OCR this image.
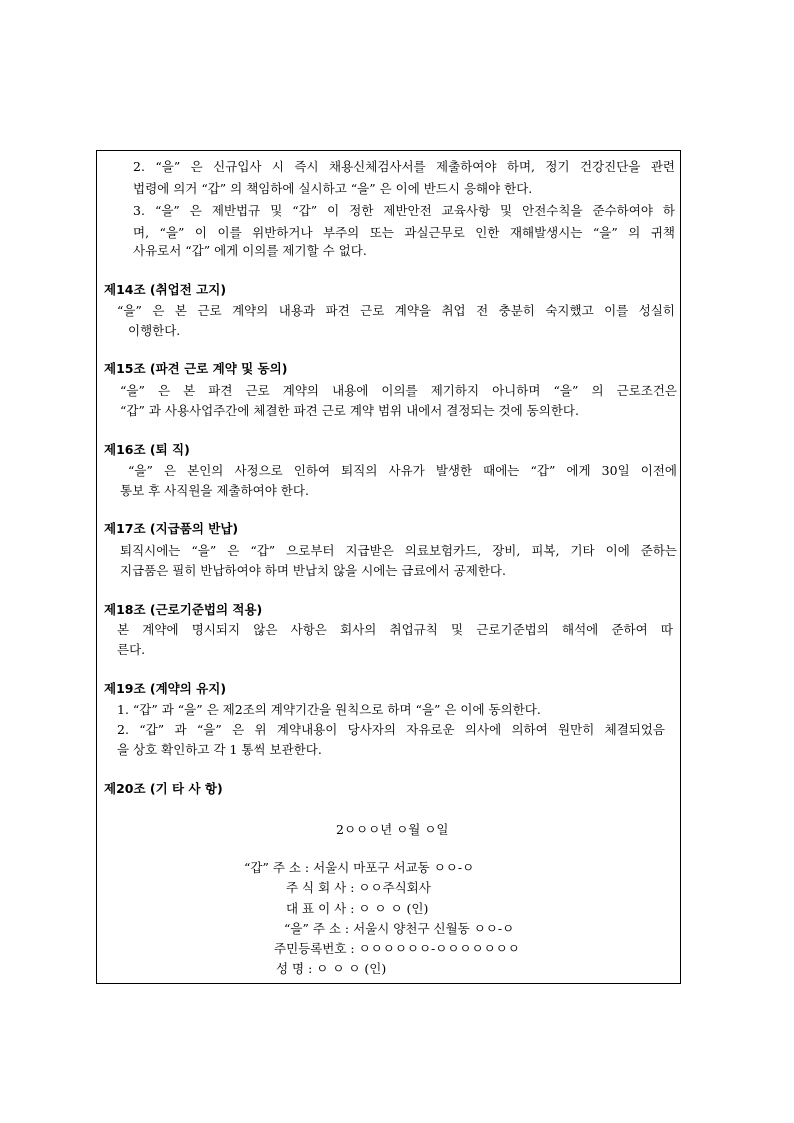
2. “을” 은 신규입사 시 즉시 채용신체검사서를 제출하여야 하며, 정기 건강진단을 관련
법령에 의거 “갑” 의 책임하에 실시하고 “을” 은 이에 반드시 응해야 한다.
3. “을” 은 제반법규 및 “갑” 이 정한 제반안전 교육사항 및 안전수칙을 준수하여야 하
며, “을” 이 이를 위반하거나 부주의 또는 과실근무로 인한 재해발생시는 “을” 의 귀책
사유로서 “갑” 에게 이의를 제기할 수 없다.
제14조 (취업전 고지)
“을” 은 본 근로 계약의 내용과 파견 근로 계약을 취업 전 충분히 숙지했고 이를 성실히
이행한다.
제15조 (파견 근로 계약 및 동의)
“을” 은 본 파견 근로 계약의 내용에 이의를 제기하지 아니하며 “을” 의 근로조건은
“갑” 과 사용사업주간에 체결한 파견 근로 계약 범위 내에서 결정되는 것에 동의한다.
제16조 (퇴 직)
“을” 은 본인의 사정으로 인하여 퇴직의 사유가 발생한 때에는 “갑” 에게 30일 이전에
통보 후 사직원을 제출하여야 한다.
제17조 (지급품의 반납)
퇴직시에는 “을” 은 “갑” 으로부터 지급받은 의료보험카드, 장비, 피복, 기타 이에 준하는
지급품은 필히 반납하여야 하며 반납치 않을 시에는 급료에서 공제한다.
제18조 (근로기준법의 적용)
본 계약에 명시되지 않은 사항은 회사의 취업규칙 및 근로기준법의 해석에 준하여 따
른다.
제19조 (계약의 유지)
1. “갑” 과 “을” 은 제2조의 계약기간을 원칙으로 하며 “을” 은 이에 동의한다.
2. “갑” 과 “을” 은 위 계약내용이 당사자의 자유로운 의사에 의하여 원만히 체결되었음
을 상호 확인하고 각 1 통씩 보관한다.
제20조 (기 타 사 항)
2ㅇㅇㅇ년 ㅇ월 ㅇ일
“갑” 주 소 : 서울시 마포구 서교동 ㅇㅇ-ㅇ
주 식 회 사 : ㅇㅇ주식회사
대 표 이 사 : ㅇ ㅇ ㅇ (인)
“을” 주 소 : 서울시 양천구 신월동 ㅇㅇ-ㅇ
주민등록번호 : ㅇㅇㅇㅇㅇㅇ-ㅇㅇㅇㅇㅇㅇㅇ
성 명 : ㅇ ㅇ ㅇ (인)
